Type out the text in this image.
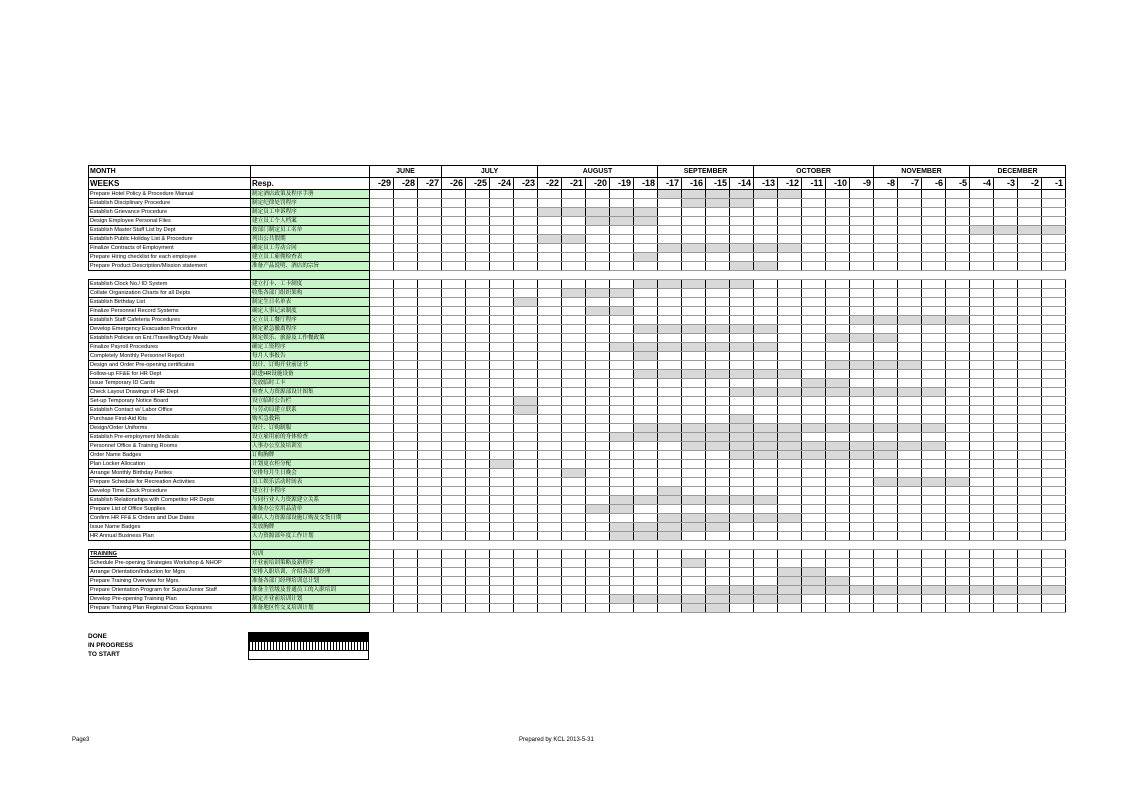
MONTH		JUNE			JULY				AUGUST					SEPTEMBER				OCTOBER					NOVEMBER				DECEMBER			
WEEKS	Resp.	-29	-28	-27	-26	-25	-24	-23	-22	-21	-20	-19	-18	-17	-16	-15	-14	-13	-12	-11	-10	-9	-8	-7	-6	-5	-4	-3	-2	-1
Prepare Hotel Policy & Procedure Manual	制定酒店政策及程序手册																													
Establish Disciplinary Procedure	制定纪律处罚程序																													
Establish Grievance Procedure	制定员工申诉程序																													
Design Employee Personal Files	建立员工个人档案																													
Establish Master Staff List by Dept	按部门制定员工名单																													
Establish Public Holiday List & Procedure	列出公共假期																													
Finalize Contracts of Employment	确定员工劳动合同																													
Prepare Hiring checklist for each employee	建立员工雇佣检查表																													
Prepare Product Description/Mission statement	准备产品说明、酒店的宗旨																													

Establish Clock No./ ID System	建立打卡、工卡制度																													
Collate Organization Charts for all Depts	收集各部门组织架构																													
Establish Birthday List	制定生日名单表																													
Finalize Personnel Record Systems	确定人事记录制度																													
Establish Staff Cafeteria Procedures	定立员工餐厅程序																													
Develop Emergency Evacuation Procedure	制定紧急撤离程序																													
Establish Policies on Ent./Travelling/Duty Meals	制定娱乐、旅游及工作餐政策																													
Finalize Payroll Procedures	确定工资程序																													
Completely Monthly Personnel Report	每月人事报告																													
Design and Order Pre-opening certificates	设计、订购开业前证书																													
Follow-up FF&E for HR Dept	跟进HR设施设备																													
Issue Temporary ID Cards	发放临时工卡																													
Check Layout Drawings of HR Dept	检查人力资源部设计图集																													
Set-up Temporary Notice Board	设立临时公告栏																													
Establish Contact w/ Labor Office	与劳动局建立联系																													
Purchase First-Aid Kits	购买急救箱																													
Design/Order Uniforms	设计、订购制服																													
Establish Pre-employment Medicals	设立雇用前的身体检查																													
Personnel Office & Training Rooms	人事办公室及培训室																													
Order Name Badges	订购胸牌																													
Plan Locker Allocation	计划更衣柜分配																													
Arrange Monthly Birthday Parties	安排每月生日晚会																													
Prepare Schedule for Recreation Activities	员工娱乐活动时间表																													
Develop Time Clock Procedure	建立打卡程序																													
Establish Relationships with Competitor HR Depts	与同行业人力资源建立关系																													
Prepare List of Office Supplies	准备办公室用品清单																													
Confirm HR FF& E Orders and Due Dates	确认人力资源部设施订购及交货日期																													
Issue Name Badges	发放胸牌																													
HR Annual Business Plan	人力资源部年度工作计划																													

TRAINING	培训																													
Schedule Pre-opening Strategies Workshop & NHOP	开业前培训策略及新程序																													
Arrange Orientation/Induction for Mgrs	安排入职培训，介绍各部门经理																													
Prepare Training Overview for Mgrs.	准备各部门经理培训总计划																													
Prepare Orientation Program for Supvs/Junior Staff	准备主管级及普通员工的入职培训																													
Develop Pre-opening Training Plan	制定开业前培训计划																													
Prepare Training Plan Regional Cross Exposures	准备地区性交叉培训计划																													
DONE
IN PROGRESS
TO START
Page3	Prepared by KCL 2013-5-31
